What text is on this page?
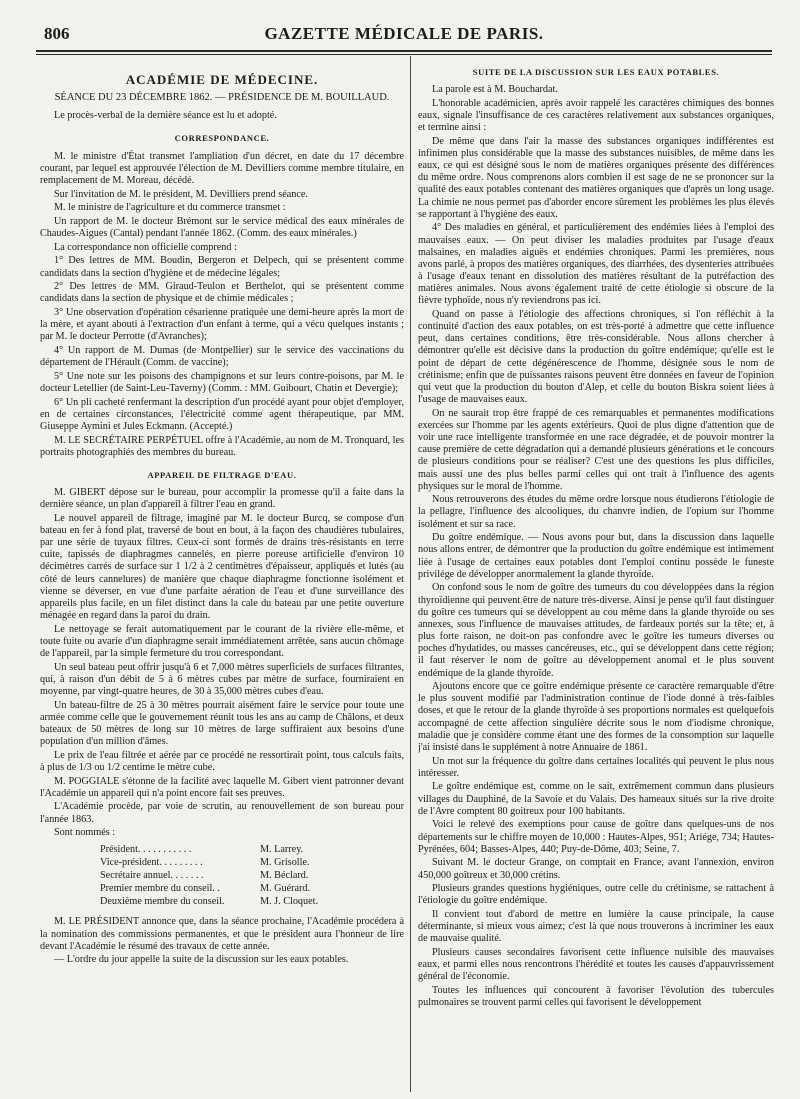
806	GAZETTE MÉDICALE DE PARIS.
ACADÉMIE DE MÉDECINE.
SÉANCE DU 23 DÉCEMBRE 1862. — PRÉSIDENCE DE M. BOUILLAUD.

Le procès-verbal de la dernière séance est lu et adopté.

CORRESPONDANCE.

M. le ministre d'État transmet l'ampliation d'un décret, en date du 17 décembre courant, par lequel est approuvée l'élection de M. Devilliers comme membre titulaire, en remplacement de M. Moreau, décédé.

Sur l'invitation de M. le président, M. Devilliers prend séance.

M. le ministre de l'agriculture et du commerce transmet :

Un rapport de M. le docteur Brémont sur le service médical des eaux minérales de Chaudes-Aigues (Cantal) pendant l'année 1862. (Comm. des eaux minérales.)

La correspondance non officielle comprend :

1° Des lettres de MM. Boudin, Bergeron et Delpech, qui se présentent comme candidats dans la section d'hygiène et de médecine légales;

2° Des lettres de MM. Giraud-Teulon et Berthelot, qui se présentent comme candidats dans la section de physique et de chimie médicales ;

3° Une observation d'opération césarienne pratiquée une demi-heure après la mort de la mère, et ayant abouti à l'extraction d'un enfant à terme, qui a vécu quelques instants ; par M. le docteur Perrotte (d'Avranches);

4° Un rapport de M. Dumas (de Montpellier) sur le service des vaccinations du département de l'Hérault (Comm. de vaccine);

5° Une note sur les poisons des champignons et sur leurs contre-poisons, par M. le docteur Letellier (de Saint-Leu-Taverny) (Comm. : MM. Guibourt, Chatin et Devergie);

6° Un pli cacheté renfermant la description d'un procédé ayant pour objet d'employer, en de certaines circonstances, l'électricité comme agent thérapeutique, par MM. Giuseppe Aymini et Jules Eckmann. (Accepté.)

M. LE SECRÉTAIRE PERPÉTUEL offre à l'Académie, au nom de M. Tronquard, les portraits photographiés des membres du bureau.

APPAREIL DE FILTRAGE D'EAU.

M. GIBERT dépose sur le bureau, pour accomplir la promesse qu'il a faite dans la dernière séance, un plan d'appareil à filtrer l'eau en grand.

Le nouvel appareil de filtrage, imaginé par M. le docteur Burcq, se compose d'un bateau en fer à fond plat, traversé de bout en bout, à la façon des chaudières tubulaires, par une série de tuyaux filtres. Ceux-ci sont formés de drains très-résistants en terre cuite, tapissés de diaphragmes cannelés, en pierre poreuse artificielle d'environ 10 décimètres carrés de surface sur 1 1/2 à 2 centimètres d'épaisseur, appliqués et lutés (au côté de leurs cannelures) de manière que chaque diaphragme fonctionne isolément et vienne se déverser, en vue d'une parfaite aération de l'eau et d'une surveillance des appareils plus facile, en un filet distinct dans la cale du bateau par une petite ouverture ménagée en regard dans la paroi du drain.

Le nettoyage se ferait automatiquement par le courant de la rivière elle-même, et toute fuite ou avarie d'un diaphragme serait immédiatement arrêtée, sans aucun chômage de l'appareil, par la simple fermeture du trou correspondant.

Un seul bateau peut offrir jusqu'à 6 et 7,000 mètres superficiels de surfaces filtrantes, qui, à raison d'un débit de 5 à 6 mètres cubes par mètre de surface, fourniraient en moyenne, par vingt-quatre heures, de 30 à 35,000 mètres cubes d'eau.

Un bateau-filtre de 25 à 30 mètres pourrait aisément faire le service pour toute une armée comme celle que le gouvernement réunit tous les ans au camp de Châlons, et deux bateaux de 50 mètres de long sur 10 mètres de large suffiraient aux besoins d'une population d'un million d'âmes.

Le prix de l'eau filtrée et aérée par ce procédé ne ressortirait point, tous calculs faits, à plus de 1/3 ou 1/2 centime le mètre cube.

M. POGGIALE s'étonne de la facilité avec laquelle M. Gibert vient patronner devant l'Académie un appareil qui n'a point encore fait ses preuves.

L'Académie procède, par voie de scrutin, au renouvellement de son bureau pour l'année 1863.

Sont nommés :

Président. . . . . . . . . . .	M. Larrey.
Vice-président. . . . . . . . .	M. Grisolle.
Secrétaire annuel. . . . . . .	M. Béclard.
Premier membre du conseil. .	M. Guérard.
Deuxième membre du conseil.	M. J. Cloquet.

M. LE PRÉSIDENT annonce que, dans la séance prochaine, l'Académie procédera à la nomination des commissions permanentes, et que le président aura l'honneur de lire devant l'Académie le résumé des travaux de cette année.

— L'ordre du jour appelle la suite de la discussion sur les eaux potables.

SUITE DE LA DISCUSSION SUR LES EAUX POTABLES.

La parole est à M. Bouchardat.

L'honorable académicien, après avoir rappelé les caractères chimiques des bonnes eaux, signale l'insuffisance de ces caractères relativement aux substances organiques, et termine ainsi :

De même que dans l'air la masse des substances organiques indifférentes est infinimen plus considérable que la masse des substances nuisibles, de même dans les eaux, ce qui est désigné sous le nom de matières organiques présente des différences du même ordre. Nous comprenons alors combien il est sage de ne se prononcer sur la qualité des eaux potables contenant des matières organiques que d'après un long usage. La chimie ne nous permet pas d'aborder encore sûrement les problèmes les plus élevés se rapportant à l'hygiène des eaux.

4° Des maladies en général, et particulièrement des endémies liées à l'emploi des mauvaises eaux. — On peut diviser les maladies produites par l'usage d'eaux malsaines, en maladies aiguës et endémies chroniques. Parmi les premières, nous avons parlé, à propos des matières organiques, des diarrhées, des dysenteries attribuées à l'usage d'eaux tenant en dissolution des matières résultant de la putréfaction des matières animales. Nous avons également traité de cette étiologie si obscure de la fièvre typhoïde, nous n'y reviendrons pas ici.

Quand on passe à l'étiologie des affections chroniques, si l'on réfléchit à la continuité d'action des eaux potables, on est très-porté à admettre que cette influence peut, dans certaines conditions, être très-considérable. Nous allons chercher à démontrer qu'elle est décisive dans la production du goître endémique; qu'elle est le point de départ de cette dégénérescence de l'homme, désignée sous le nom de crétinisme; enfin que de puissantes raisons peuvent être données en faveur de l'opinion qui veut que la production du bouton d'Alep, et celle du bouton Biskra soient liées à l'usage de mauvaises eaux.

On ne saurait trop être frappé de ces remarquables et permanentes modifications exercées sur l'homme par les agents extérieurs. Quoi de plus digne d'attention que de voir une race intelligente transformée en une race dégradée, et de pouvoir montrer la cause première de cette dégradation qui a demandé plusieurs générations et le concours de plusieurs conditions pour se réaliser? C'est une des questions les plus difficiles, mais aussi une des plus belles parmi celles qui ont trait à l'influence des agents physiques sur le moral de l'homme.

Nous retrouverons des études du même ordre lorsque nous étudierons l'étiologie de la pellagre, l'influence des alcooliques, du chanvre indien, de l'opium sur l'homme isolément et sur sa race.

Du goître endémique. — Nous avons pour but, dans la discussion dans laquelle nous allons entrer, de démontrer que la production du goître endémique est intimement liée à l'usage de certaines eaux potables dont l'emploi continu possède le funeste privilége de développer anormalement la glande thyroïde.

On confond sous le nom de goître des tumeurs du cou développées dans la région thyroïdienne qui peuvent être de nature très-diverse. Ainsi je pense qu'il faut distinguer du goître ces tumeurs qui se développent au cou même dans la glande thyroïde ou ses annexes, sous l'influence de mauvaises attitudes, de fardeaux portés sur la tête; et, à plus forte raison, ne doit-on pas confondre avec le goître les tumeurs diverses ou poches d'hydatides, ou masses cancéreuses, etc., qui se développent dans cette région; il faut réserver le nom de goître au développement anomal et le plus souvent endémique de la glande thyroïde.

Ajoutons encore que ce goître endémique présente ce caractère remarquable d'être le plus souvent modifié par l'administration continue de l'iode donné à très-faibles doses, et que le retour de la glande thyroïde à ses proportions normales est quelquefois accompagné de cette affection singulière décrite sous le nom d'iodisme chronique, maladie que je considère comme étant une des formes de la consomption sur laquelle j'ai insisté dans le supplément à notre Annuaire de 1861.

Un mot sur la fréquence du goître dans certaines localités qui peuvent le plus nous intéresser.

Le goître endémique est, comme on le sait, extrêmement commun dans plusieurs villages du Dauphiné, de la Savoie et du Valais. Des hameaux situés sur la rive droite de l'Avre comptent 80 goitreux pour 100 habitants.

Voici le relevé des exemptions pour cause de goître dans quelques-uns de nos départements sur le chiffre moyen de 10,000 : Hautes-Alpes, 951; Ariége, 734; Hautes-Pyrénées, 604; Basses-Alpes, 440; Puy-de-Dôme, 403; Seine, 7.

Suivant M. le docteur Grange, on comptait en France, avant l'annexion, environ 450,000 goîtreux et 30,000 crétins.

Plusieurs grandes questions hygiéniques, outre celle du crétinisme, se rattachent à l'étiologie du goître endémique.

Il convient tout d'abord de mettre en lumière la cause principale, la cause déterminante, si mieux vous aimez; c'est là que nous trouverons à incriminer les eaux de mauvaise qualité.

Plusieurs causes secondaires favorisent cette influence nuisible des mauvaises eaux, et parmi elles nous rencontrons l'hérédité et toutes les causes d'appauvrissement général de l'économie.

Toutes les influences qui concourent à favoriser l'évolution des tubercules pulmonaires se trouvent parmi celles qui favorisent le développement
